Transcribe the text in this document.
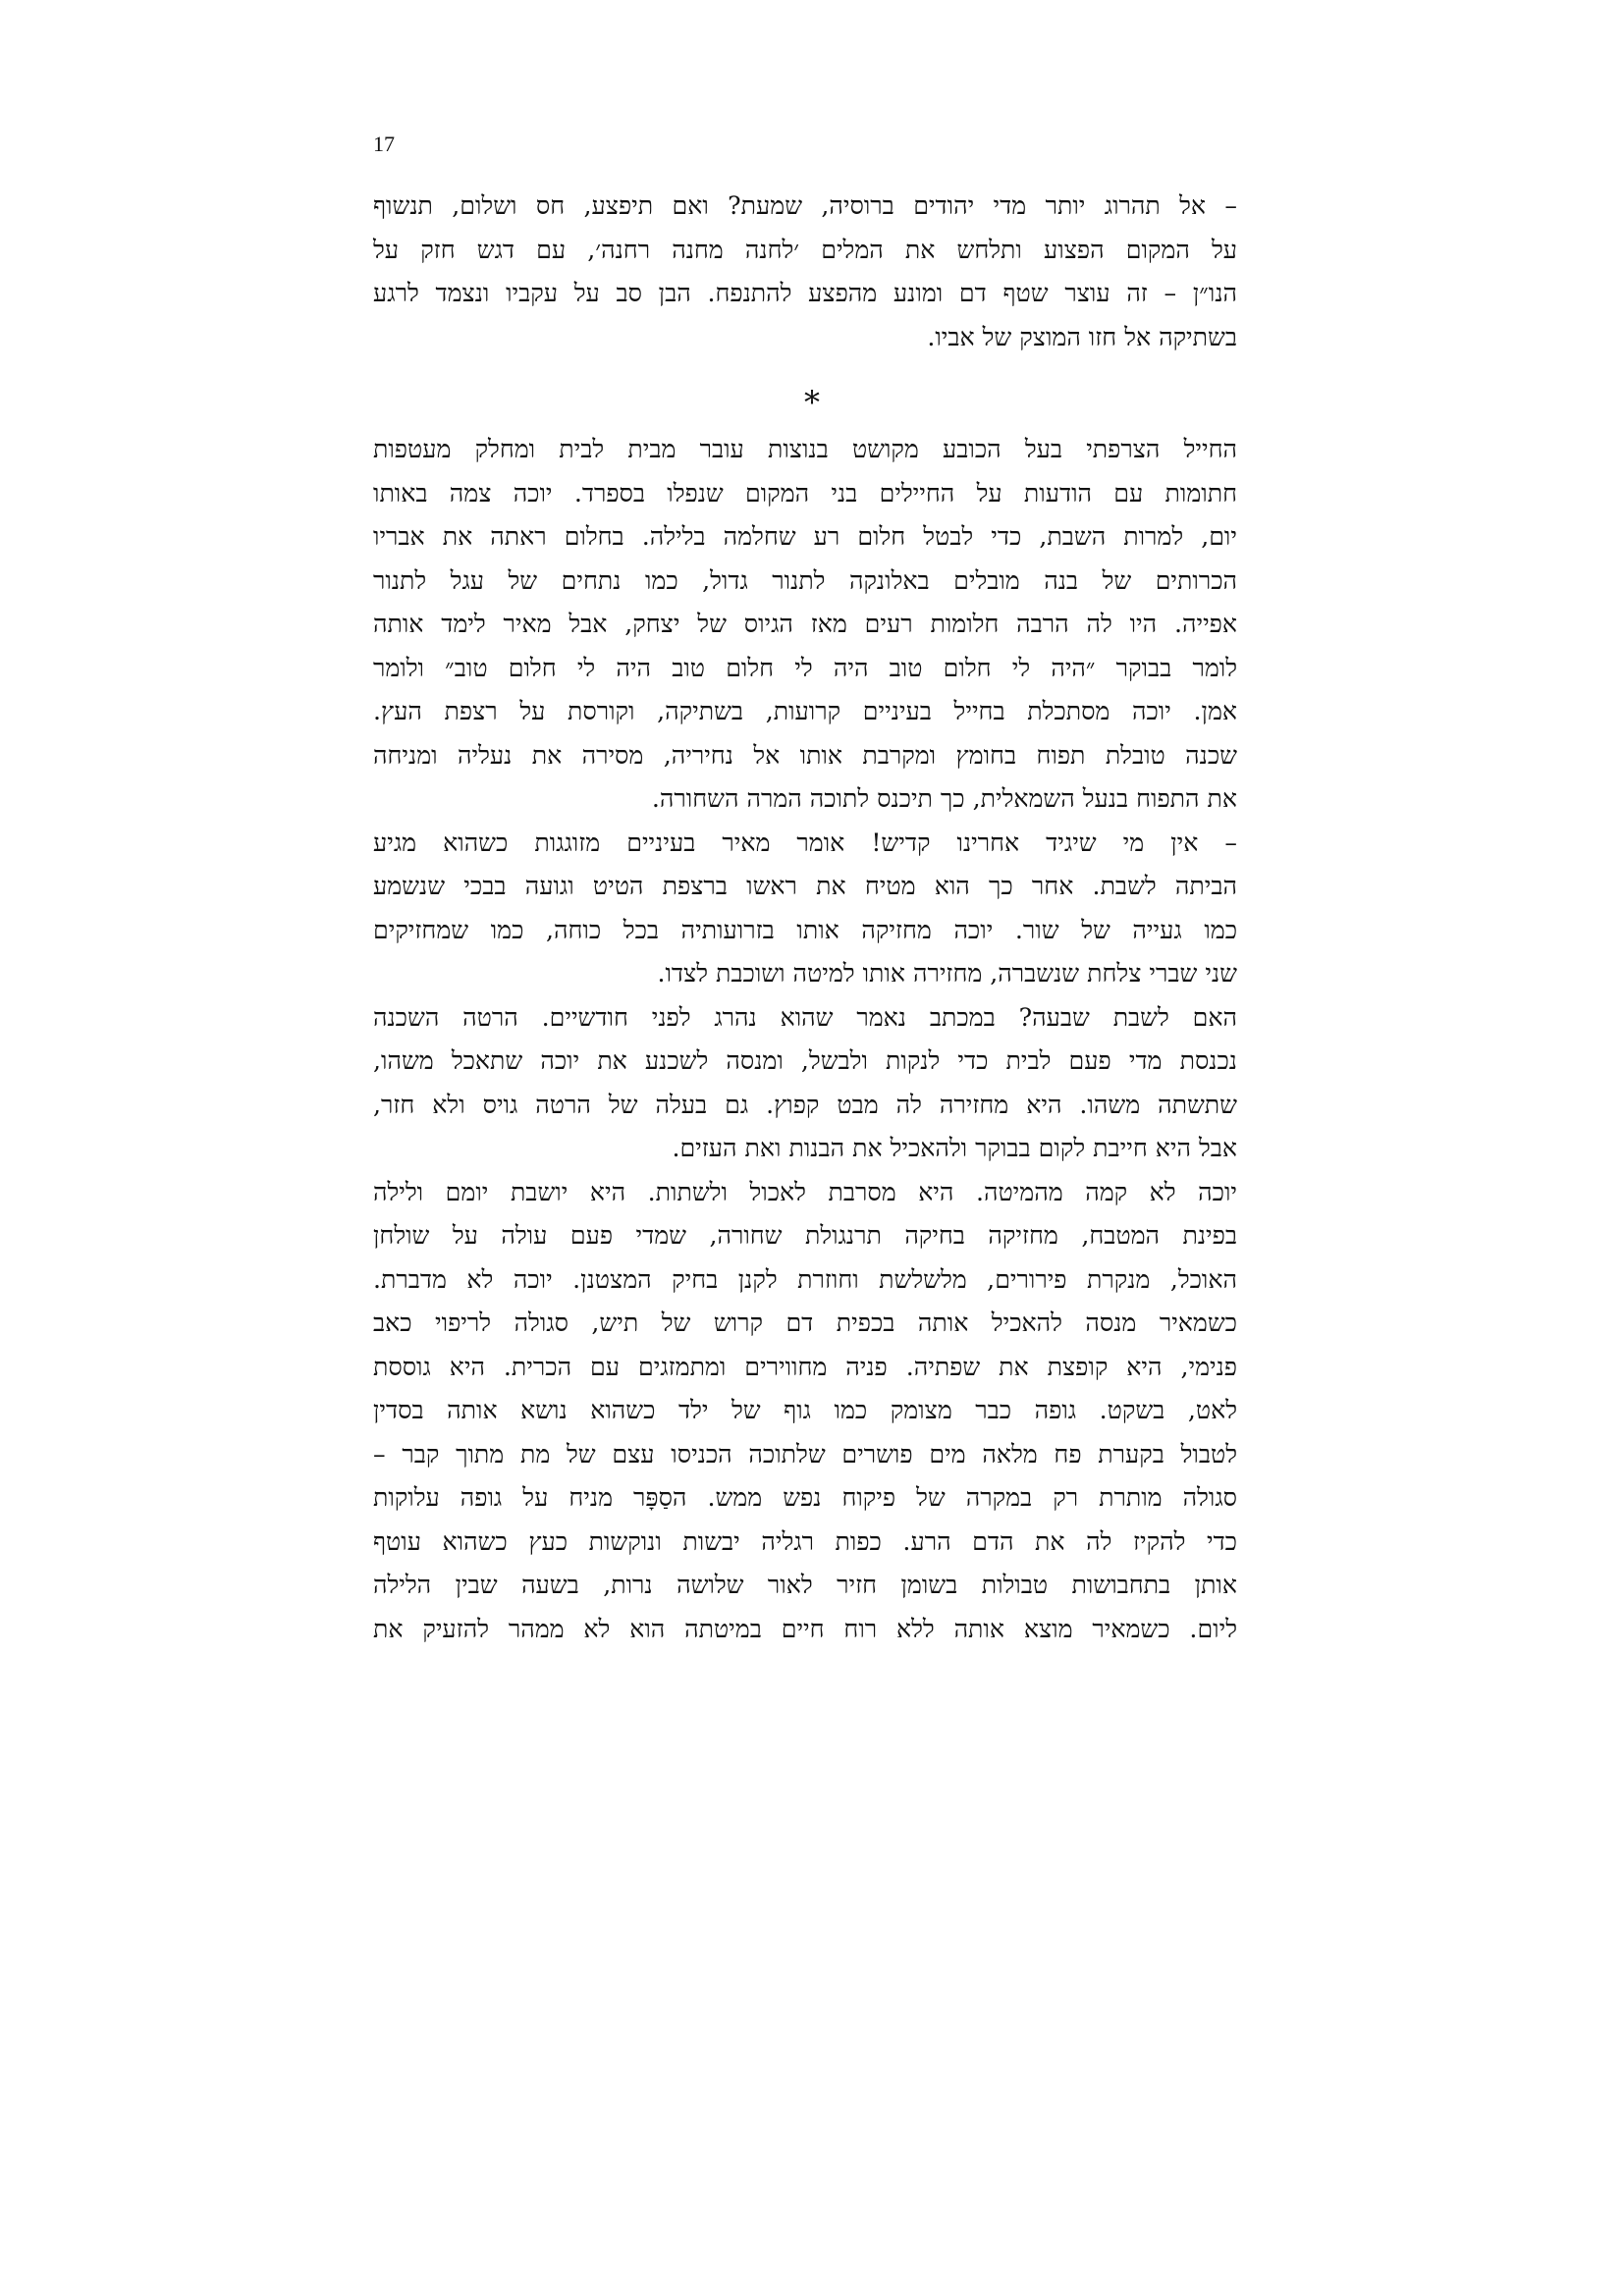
17
– אל תהרוג יותר מדי יהודים ברוסיה, שמעת? ואם תיפצע, חס ושלום, תנשוף
על המקום הפצוע ותלחש את המלים ׳לחנה מחנה רחנה׳, עם דגש חזק על
הנו״ן – זה עוצר שטף דם ומונע מהפצע להתנפח. הבן סב על עקביו ונצמד לרגע
בשתיקה אל חזו המוצק של אביו.
*
החייל הצרפתי בעל הכובע מקושט בנוצות עובר מבית לבית ומחלק מעטפות
חתומות עם הודעות על החיילים בני המקום שנפלו בספרד. יוכה צמה באותו
יום, למרות השבת, כדי לבטל חלום רע שחלמה בלילה. בחלום ראתה את אבריו
הכרותים של בנה מובלים באלונקה לתנור גדול, כמו נתחים של עגל לתנור
אפייה. היו לה הרבה חלומות רעים מאז הגיוס של יצחק, אבל מאיר לימד אותה
לומר בבוקר ״היה לי חלום טוב היה לי חלום טוב היה לי חלום טוב״ ולומר
אמן. יוכה מסתכלת בחייל בעיניים קרועות, בשתיקה, וקורסת על רצפת העץ.
שכנה טובלת תפוח בחומץ ומקרבת אותו אל נחיריה, מסירה את נעליה ומניחה
את התפוח בנעל השמאלית, כך תיכנס לתוכה המרה השחורה.
– אין מי שיגיד אחרינו קדיש! אומר מאיר בעיניים מזוגגות כשהוא מגיע
הביתה לשבת. אחר כך הוא מטיח את ראשו ברצפת הטיט וגועה בבכי שנשמע
כמו געייה של שור. יוכה מחזיקה אותו בזרועותיה בכל כוחה, כמו שמחזיקים
שני שברי צלחת שנשברה, מחזירה אותו למיטה ושוכבת לצדו.
האם לשבת שבעה? במכתב נאמר שהוא נהרג לפני חודשיים. הרטה השכנה
נכנסת מדי פעם לבית כדי לנקות ולבשל, ומנסה לשכנע את יוכה שתאכל משהו,
שתשתה משהו. היא מחזירה לה מבט קפוץ. גם בעלה של הרטה גויס ולא חזר,
אבל היא חייבת לקום בבוקר ולהאכיל את הבנות ואת העזים.
יוכה לא קמה מהמיטה. היא מסרבת לאכול ולשתות. היא יושבת יומם ולילה
בפינת המטבח, מחזיקה בחיקה תרנגולת שחורה, שמדי פעם עולה על שולחן
האוכל, מנקרת פירורים, מלשלשת וחוזרת לקנן בחיק המצטנן. יוכה לא מדברת.
כשמאיר מנסה להאכיל אותה בכפית דם קרוש של תיש, סגולה לריפוי כאב
פנימי, היא קופצת את שפתיה. פניה מחווירים ומתמזגים עם הכרית. היא גוססת
לאט, בשקט. גופה כבר מצומק כמו גוף של ילד כשהוא נושא אותה בסדין
לטבול בקערת פח מלאה מים פושרים שלתוכה הכניסו עצם של מת מתוך קבר –
סגולה מותרת רק במקרה של פיקוח נפש ממש. הסַפָּר מניח על גופה עלוקות
כדי להקיז לה את הדם הרע. כפות רגליה יבשות ונוקשות כעץ כשהוא עוטף
אותן בתחבושות טבולות בשומן חזיר לאור שלושה נרות, בשעה שבין הלילה
ליום. כשמאיר מוצא אותה ללא רוח חיים במיטתה הוא לא ממהר להזעיק את
